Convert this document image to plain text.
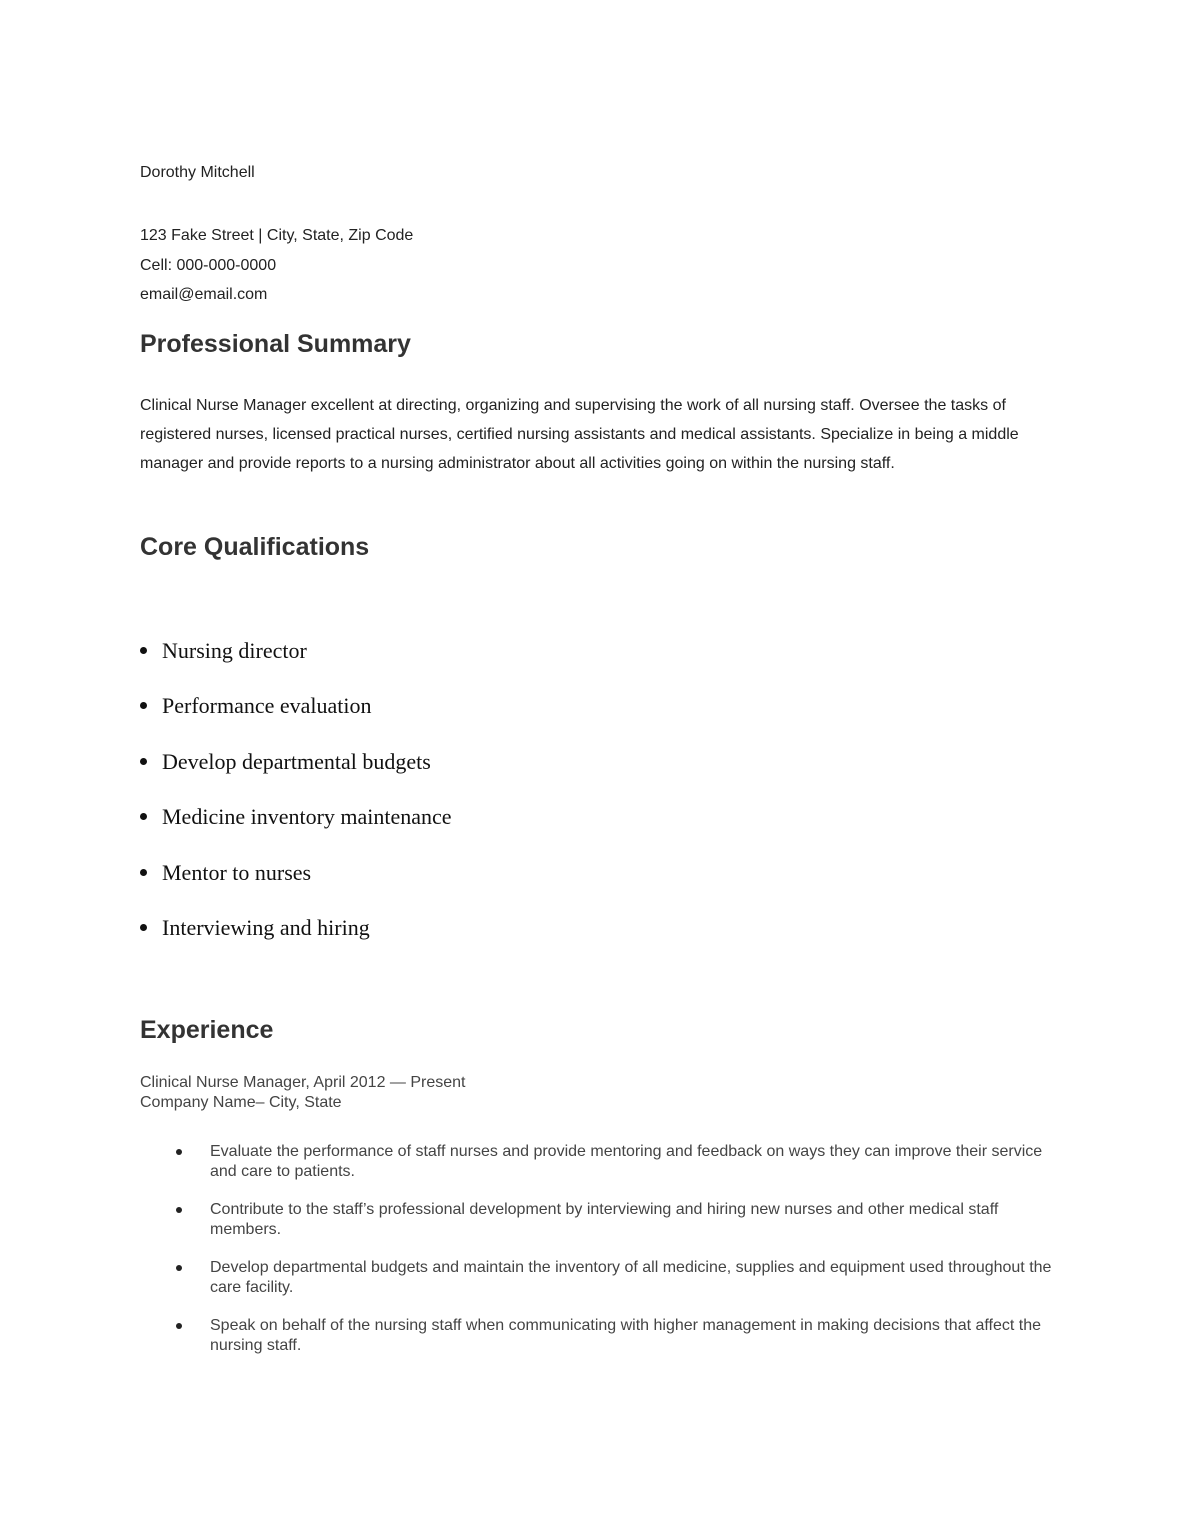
Dorothy Mitchell
123 Fake Street | City, State, Zip Code
Cell: 000-000-0000
email@email.com
Professional Summary

Clinical Nurse Manager excellent at directing, organizing and supervising the work of all nursing staff. Oversee the tasks of registered nurses, licensed practical nurses, certified nursing assistants and medical assistants. Specialize in being a middle manager and provide reports to a nursing administrator about all activities going on within the nursing staff.

Core Qualifications
Nursing director
Performance evaluation
Develop departmental budgets
Medicine inventory maintenance
Mentor to nurses
Interviewing and hiring
Experience
Clinical Nurse Manager, April 2012 — Present
Company Name– City, State
Evaluate the performance of staff nurses and provide mentoring and feedback on ways they can improve their service and care to patients.
Contribute to the staff’s professional development by interviewing and hiring new nurses and other medical staff members.
Develop departmental budgets and maintain the inventory of all medicine, supplies and equipment used throughout the care facility.
Speak on behalf of the nursing staff when communicating with higher management in making decisions that affect the nursing staff.
